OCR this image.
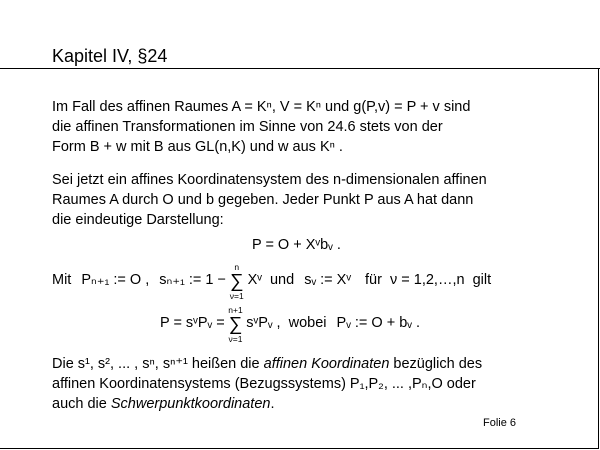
Kapitel IV, §24
Im Fall des affinen Raumes A = Kⁿ, V = Kⁿ und g(P,v) = P + v sind
die affinen Transformationen im Sinne von 24.6 stets von der
Form B + w mit B aus GL(n,K) und w aus Kⁿ .
Sei jetzt ein affines Koordinatensystem des n-dimensionalen affinen
Raumes A durch O und b gegeben. Jeder Punkt P aus A hat dann
die eindeutige Darstellung:
P = O + Xᵛbᵥ .
Mit Pₙ₊₁ := O , sₙ₊₁ := 1 − ∑
n
ν=1
Xᵛ und sᵥ := Xᵛ für ν = 1,2,…,n gilt
P = sᵛPᵥ = ∑
n+1
ν=1
sᵛPᵥ , wobei Pᵥ := O + bᵥ .
Die s¹, s², ... , sⁿ, sⁿ⁺¹ heißen die affinen Koordinaten bezüglich des
affinen Koordinatensystems (Bezugssystems) P₁,P₂, ... ,Pₙ,O oder
auch die Schwerpunktkoordinaten.
Folie 6
